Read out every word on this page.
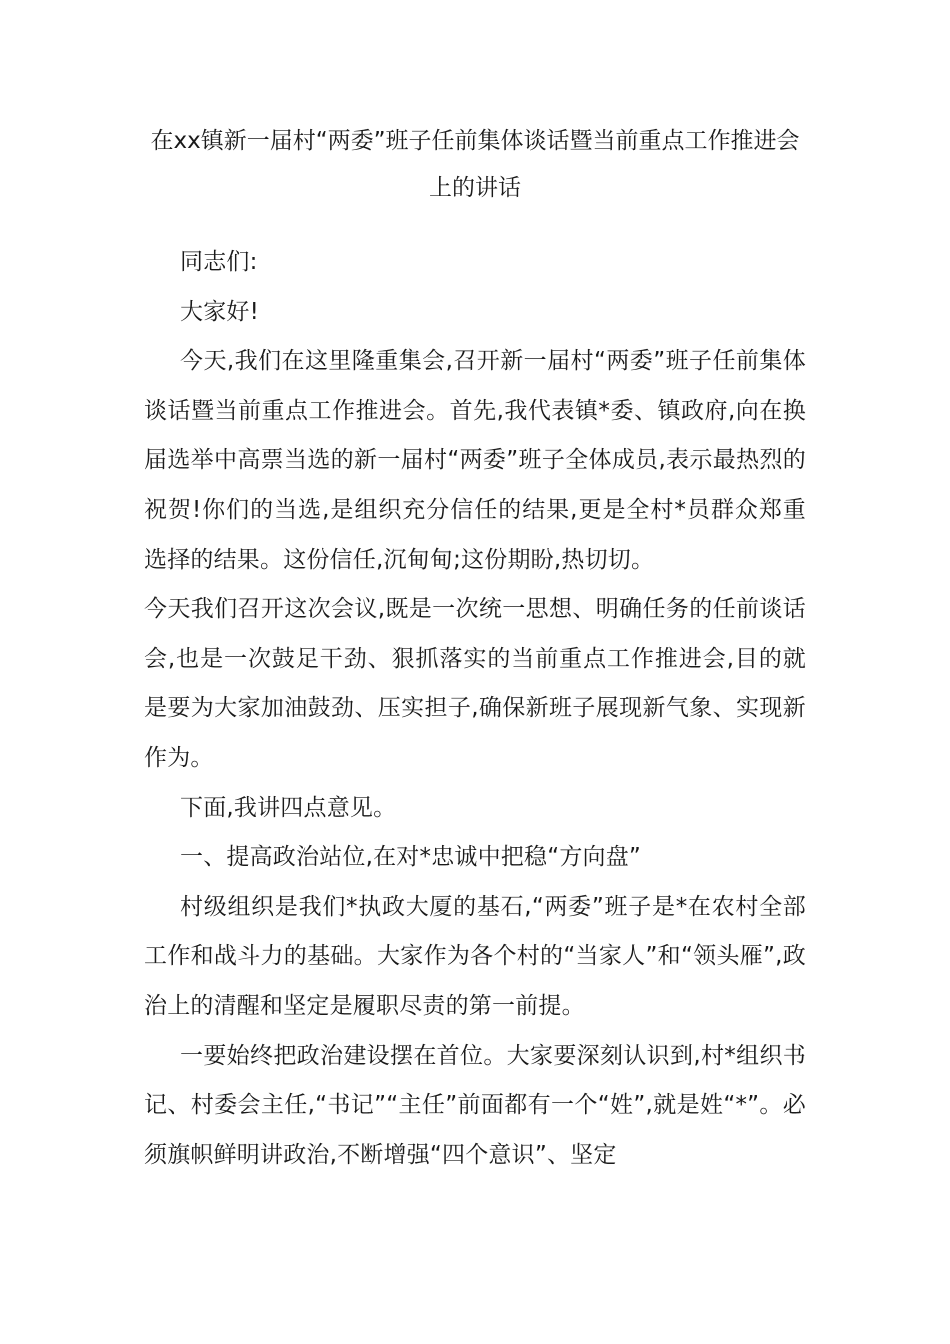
在xx镇新一届村“两委”班子任前集体谈话暨当前重点工作推进会上的讲话

同志们:

大家好!

今天,我们在这里隆重集会,召开新一届村“两委”班子任前集体谈话暨当前重点工作推进会。首先,我代表镇*委、镇政府,向在换届选举中高票当选的新一届村“两委”班子全体成员,表示最热烈的祝贺!你们的当选,是组织充分信任的结果,更是全村*员群众郑重选择的结果。这份信任,沉甸甸;这份期盼,热切切。

今天我们召开这次会议,既是一次统一思想、明确任务的任前谈话会,也是一次鼓足干劲、狠抓落实的当前重点工作推进会,目的就是要为大家加油鼓劲、压实担子,确保新班子展现新气象、实现新作为。

下面,我讲四点意见。

一、提高政治站位,在对*忠诚中把稳“方向盘”

村级组织是我们*执政大厦的基石,“两委”班子是*在农村全部工作和战斗力的基础。大家作为各个村的“当家人”和“领头雁”,政治上的清醒和坚定是履职尽责的第一前提。

一要始终把政治建设摆在首位。大家要深刻认识到,村*组织书记、村委会主任,“书记”“主任”前面都有一个“姓”,就是姓“*”。必须旗帜鲜明讲政治,不断增强“四个意识”、坚定
